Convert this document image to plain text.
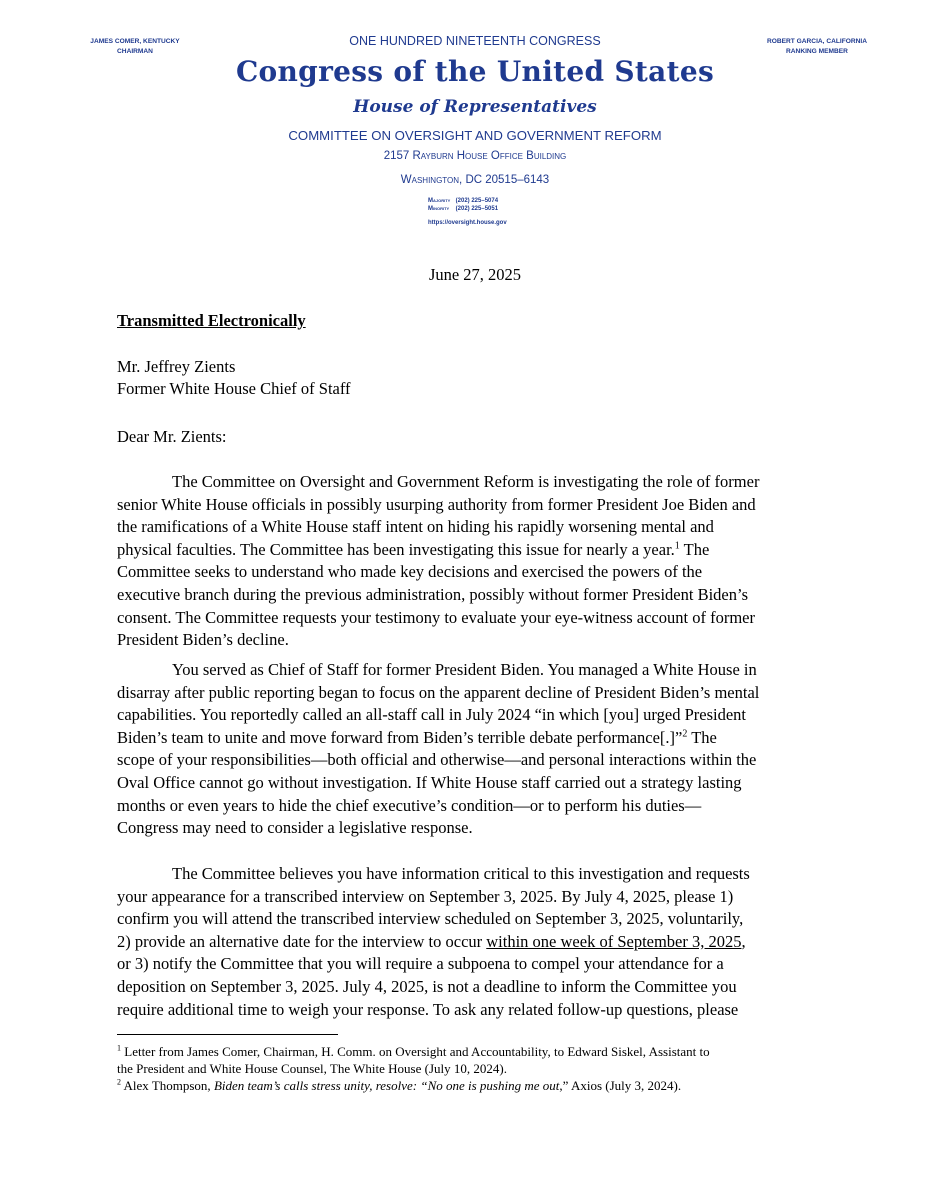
JAMES COMER, KENTUCKY
CHAIRMAN
ROBERT GARCIA, CALIFORNIA
RANKING MEMBER
ONE HUNDRED NINETEENTH CONGRESS
Congress of the United States
House of Representatives
COMMITTEE ON OVERSIGHT AND GOVERNMENT REFORM
2157 Rayburn House Office Building
Washington, DC 20515–6143
Majority (202) 225–5074
Minority (202) 225–5051
https://oversight.house.gov
June 27, 2025
Transmitted Electronically
Mr. Jeffrey Zients
Former White House Chief of Staff
Dear Mr. Zients:
The Committee on Oversight and Government Reform is investigating the role of former
senior White House officials in possibly usurping authority from former President Joe Biden and
the ramifications of a White House staff intent on hiding his rapidly worsening mental and
physical faculties. The Committee has been investigating this issue for nearly a year.$^1$ The
Committee seeks to understand who made key decisions and exercised the powers of the
executive branch during the previous administration, possibly without former President Biden’s
consent. The Committee requests your testimony to evaluate your eye-witness account of former
President Biden’s decline.
You served as Chief of Staff for former President Biden. You managed a White House in
disarray after public reporting began to focus on the apparent decline of President Biden’s mental
capabilities. You reportedly called an all-staff call in July 2024 “in which [you] urged President
Biden’s team to unite and move forward from Biden’s terrible debate performance[.]”$^2$ The
scope of your responsibilities—both official and otherwise—and personal interactions within the
Oval Office cannot go without investigation. If White House staff carried out a strategy lasting
months or even years to hide the chief executive’s condition—or to perform his duties—
Congress may need to consider a legislative response.
The Committee believes you have information critical to this investigation and requests
your appearance for a transcribed interview on September 3, 2025. By July 4, 2025, please 1)
confirm you will attend the transcribed interview scheduled on September 3, 2025, voluntarily,
2) provide an alternative date for the interview to occur within one week of September 3, 2025,
or 3) notify the Committee that you will require a subpoena to compel your attendance for a
deposition on September 3, 2025. July 4, 2025, is not a deadline to inform the Committee you
require additional time to weigh your response. To ask any related follow-up questions, please
$^1$ Letter from James Comer, Chairman, H. Comm. on Oversight and Accountability, to Edward Siskel, Assistant to
the President and White House Counsel, The White House (July 10, 2024).
$^2$ Alex Thompson, Biden team’s calls stress unity, resolve: “No one is pushing me out,” Axios (July 3, 2024).
